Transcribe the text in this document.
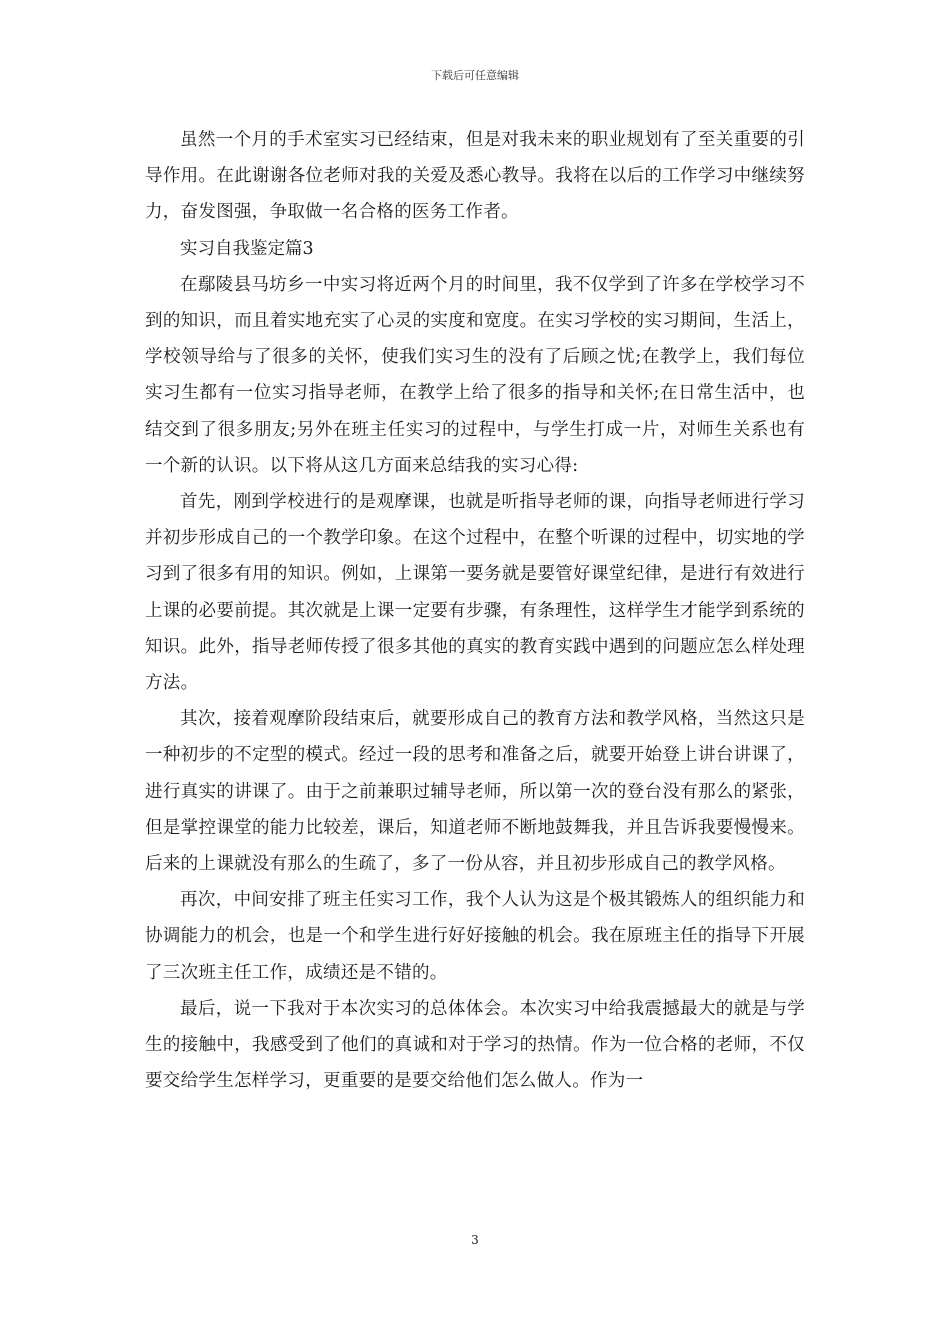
下载后可任意编辑

虽然一个月的手术室实习已经结束，但是对我未来的职业规划有了至关重要的引导作用。在此谢谢各位老师对我的关爱及悉心教导。我将在以后的工作学习中继续努力，奋发图强，争取做一名合格的医务工作者。

实习自我鉴定篇3

在鄢陵县马坊乡一中实习将近两个月的时间里，我不仅学到了许多在学校学习不到的知识，而且着实地充实了心灵的实度和宽度。在实习学校的实习期间，生活上，学校领导给与了很多的关怀，使我们实习生的没有了后顾之忧;在教学上，我们每位实习生都有一位实习指导老师，在教学上给了很多的指导和关怀;在日常生活中，也结交到了很多朋友;另外在班主任实习的过程中，与学生打成一片，对师生关系也有一个新的认识。以下将从这几方面来总结我的实习心得:

首先，刚到学校进行的是观摩课，也就是听指导老师的课，向指导老师进行学习并初步形成自己的一个教学印象。在这个过程中，在整个听课的过程中，切实地的学习到了很多有用的知识。例如，上课第一要务就是要管好课堂纪律，是进行有效进行上课的必要前提。其次就是上课一定要有步骤，有条理性，这样学生才能学到系统的知识。此外，指导老师传授了很多其他的真实的教育实践中遇到的问题应怎么样处理方法。

其次，接着观摩阶段结束后，就要形成自己的教育方法和教学风格，当然这只是一种初步的不定型的模式。经过一段的思考和准备之后，就要开始登上讲台讲课了，进行真实的讲课了。由于之前兼职过辅导老师，所以第一次的登台没有那么的紧张，但是掌控课堂的能力比较差，课后，知道老师不断地鼓舞我，并且告诉我要慢慢来。后来的上课就没有那么的生疏了，多了一份从容，并且初步形成自己的教学风格。

再次，中间安排了班主任实习工作，我个人认为这是个极其锻炼人的组织能力和协调能力的机会，也是一个和学生进行好好接触的机会。我在原班主任的指导下开展了三次班主任工作，成绩还是不错的。

最后，说一下我对于本次实习的总体体会。本次实习中给我震撼最大的就是与学生的接触中，我感受到了他们的真诚和对于学习的热情。作为一位合格的老师，不仅要交给学生怎样学习，更重要的是要交给他们怎么做人。作为一

3
